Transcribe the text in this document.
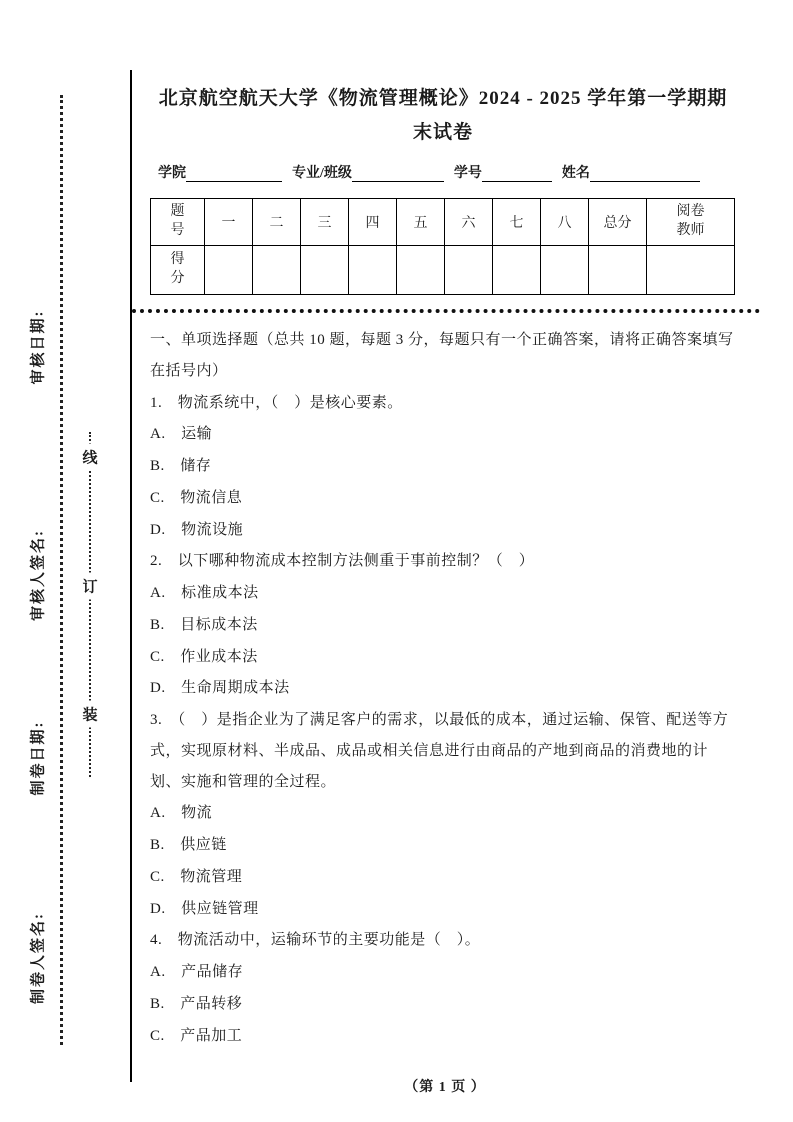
审核日期:
审核人签名:
制卷日期:
制卷人签名:
线
订
装
北京航空航天大学《物流管理概论》2024 - 2025 学年第一学期期末试卷
学院	专业/班级	学号	姓名
题号	一	二	三	四	五	六	七	八	总分	阅卷教师
得分										

一、单项选择题（总共 10 题，每题 3 分，每题只有一个正确答案，请将正确答案填写在括号内）

1.　物流系统中，（　）是核心要素。

A.　运输

B.　储存

C.　物流信息

D.　物流设施

2.　以下哪种物流成本控制方法侧重于事前控制？（　）

A.　标准成本法

B.　目标成本法

C.　作业成本法

D.　生命周期成本法

3.　（　）是指企业为了满足客户的需求，以最低的成本，通过运输、保管、配送等方式，实现原材料、半成品、成品或相关信息进行由商品的产地到商品的消费地的计划、实施和管理的全过程。

A.　物流

B.　供应链

C.　物流管理

D.　供应链管理

4.　物流活动中，运输环节的主要功能是（　）。

A.　产品储存

B.　产品转移

C.　产品加工

（第 1 页 ）
